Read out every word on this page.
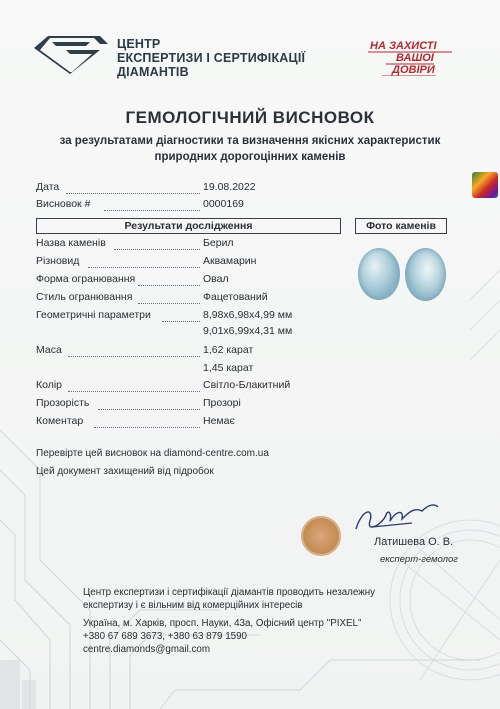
ЦЕНТР
ЕКСПЕРТИЗИ І СЕРТИФІКАЦІЇ
ДІАМАНТІВ
НА ЗАХИСТІ
ВАШОЇ
ДОВІРИ
ГЕМОЛОГІЧНИЙ ВИСНОВОК
за результатами діагностики та визначення якісних характеристик
природних дорогоцінних каменів
Дата	19.08.2022
Висновок #	0000169
Результати дослідження	Фото каменів
Назва каменів	Берил
Різновид	Аквамарин
Форма огранювання	Овал
Стиль огранювання	Фацетований
Геометричні параметри	8,98x6,98x4,99 мм
9,01x6,99x4,31 мм
Маса	1,62 карат
1,45 карат
Колір	Світло-Блакитний
Прозорість	Прозорі
Коментар	Немає
Перевірте цей висновок на diamond-centre.com.ua
Цей документ захищений від підробок
Латишева О. В.
експерт-гемолог
Центр експертизи і сертифікації діамантів проводить незалежну
експертизу і є вільним від комерційних інтересів
Україна, м. Харків, просп. Науки, 43а, Офісний центр "PIXEL"
+380 67 689 3673, +380 63 879 1590
centre.diamonds@gmail.com
